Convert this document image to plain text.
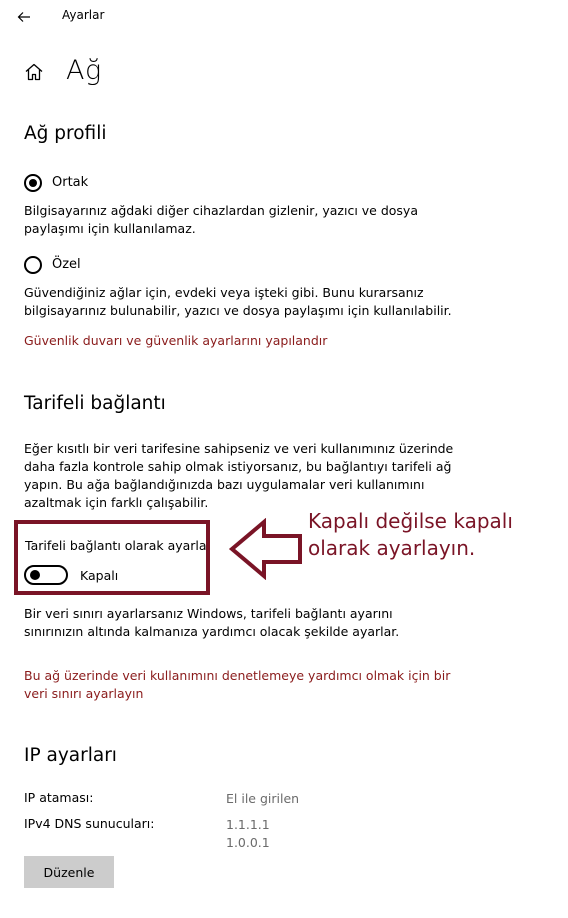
Ayarlar
Ağ
Ağ profili
Ortak
Bilgisayarınız ağdaki diğer cihazlardan gizlenir, yazıcı ve dosya paylaşımı için kullanılamaz.
Özel
Güvendiğiniz ağlar için, evdeki veya işteki gibi. Bunu kurarsanız bilgisayarınız bulunabilir, yazıcı ve dosya paylaşımı için kullanılabilir.
Güvenlik duvarı ve güvenlik ayarlarını yapılandır
Tarifeli bağlantı
Eğer kısıtlı bir veri tarifesine sahipseniz ve veri kullanımınız üzerinde daha fazla kontrole sahip olmak istiyorsanız, bu bağlantıyı tarifeli ağ yapın. Bu ağa bağlandığınızda bazı uygulamalar veri kullanımını azaltmak için farklı çalışabilir.
Tarifeli bağlantı olarak ayarla
Kapalı
Kapalı değilse kapalı olarak ayarlayın.
Bir veri sınırı ayarlarsanız Windows, tarifeli bağlantı ayarını sınırınızın altında kalmanıza yardımcı olacak şekilde ayarlar.
Bu ağ üzerinde veri kullanımını denetlemeye yardımcı olmak için bir veri sınırı ayarlayın
IP ayarları
IP ataması:	El ile girilen
IPv4 DNS sunucuları:	1.1.1.1
1.0.0.1
Düzenle
